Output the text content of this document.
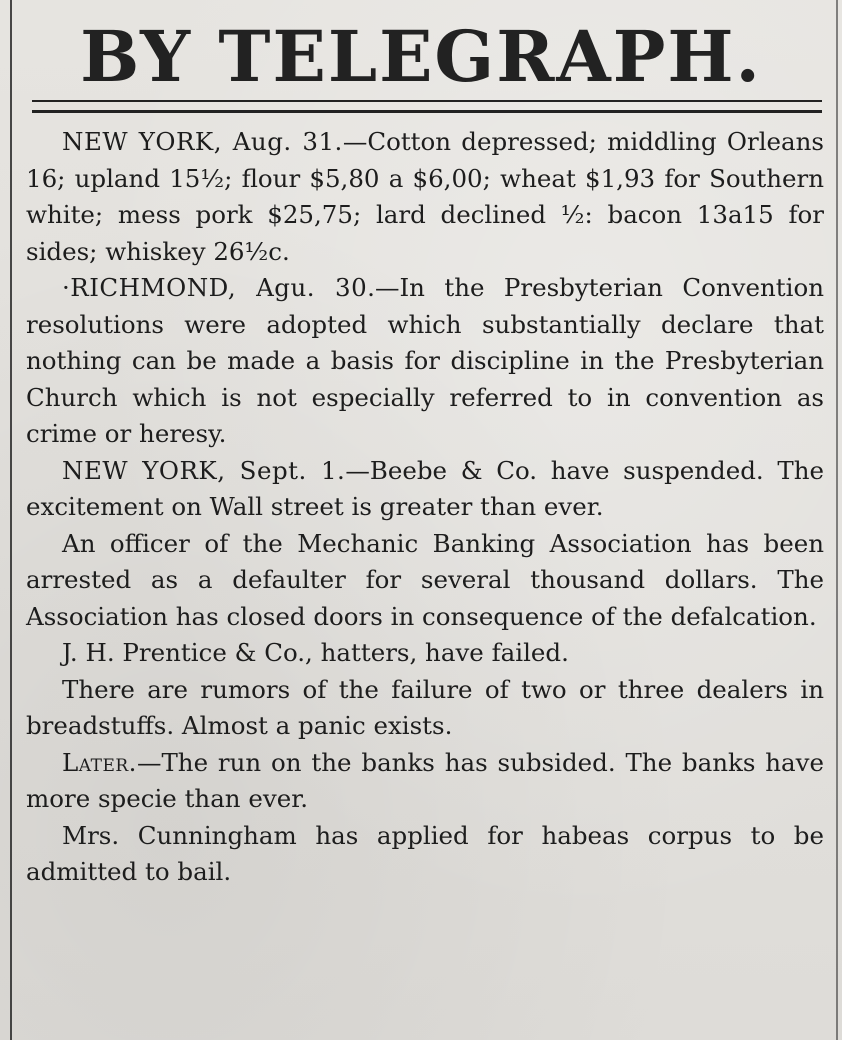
BY TELEGRAPH.

NEW YORK, Aug. 31.—Cotton depressed; middling Orleans 16; upland 15½; flour $5,80 a $6,00; wheat $1,93 for Southern white; mess pork $25,75; lard declined ½: bacon 13a15 for sides; whiskey 26½c.

·RICHMOND, Agu. 30.—In the Presbyterian Convention resolutions were adopted which substantially declare that nothing can be made a basis for discipline in the Presbyterian Church which is not especially referred to in convention as crime or heresy.

NEW YORK, Sept. 1.—Beebe & Co. have suspended. The excitement on Wall street is greater than ever.

An officer of the Mechanic Banking Association has been arrested as a defaulter for several thousand dollars. The Association has closed doors in consequence of the defalcation.

J. H. Prentice & Co., hatters, have failed.

There are rumors of the failure of two or three dealers in breadstuffs. Almost a panic exists.

Later.—The run on the banks has subsided. The banks have more specie than ever.

Mrs. Cunningham has applied for habeas corpus to be admitted to bail.
